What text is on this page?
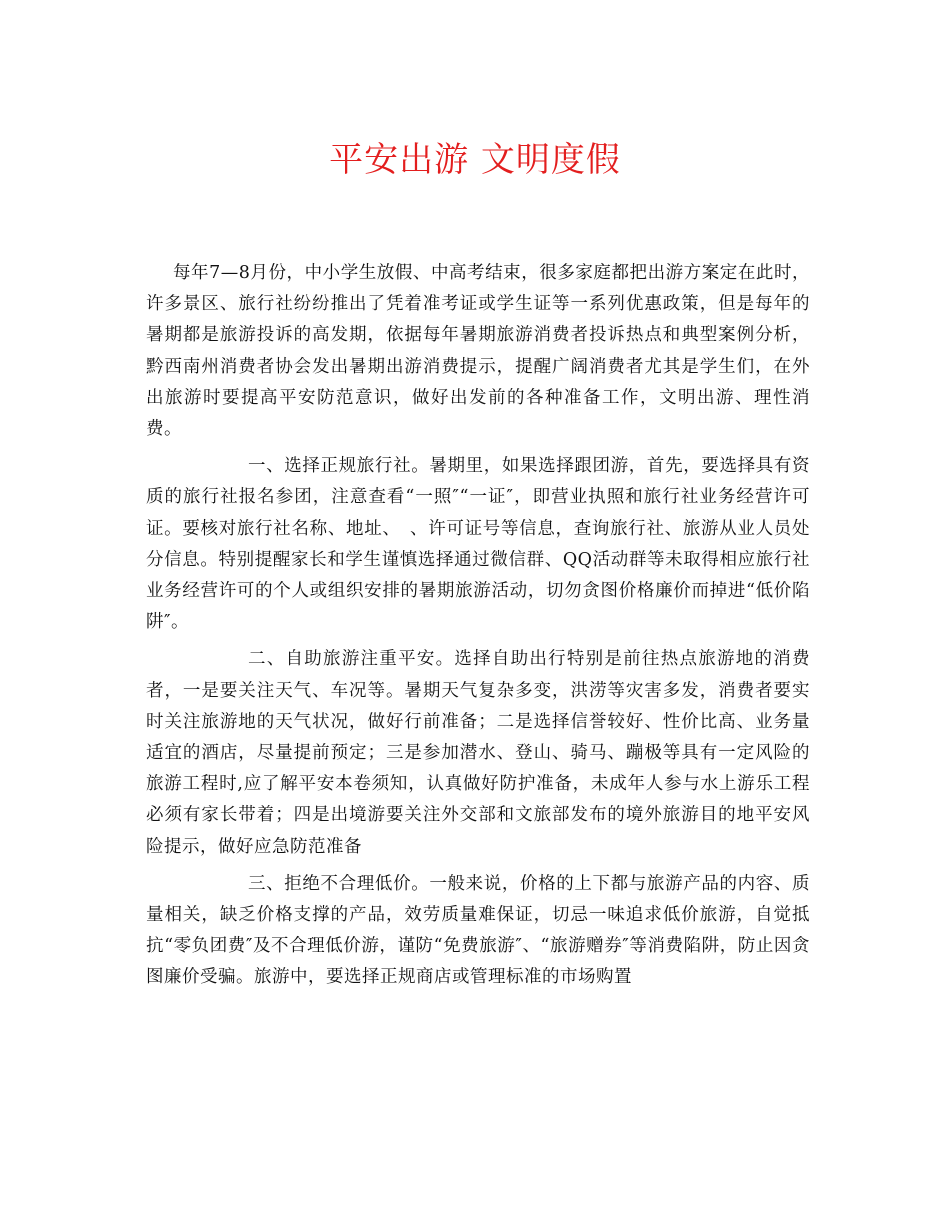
平安出游 文明度假

每年7—8月份，中小学生放假、中高考结束，很多家庭都把出游方案定在此时，许多景区、旅行社纷纷推出了凭着准考证或学生证等一系列优惠政策，但是每年的暑期都是旅游投诉的高发期，依据每年暑期旅游消费者投诉热点和典型案例分析，黔西南州消费者协会发出暑期出游消费提示，提醒广阔消费者尤其是学生们，在外出旅游时要提高平安防范意识，做好出发前的各种准备工作，文明出游、理性消费。

一、选择正规旅行社。暑期里，如果选择跟团游，首先，要选择具有资质的旅行社报名参团，注意查看“一照″“一证″，即营业执照和旅行社业务经营许可证。要核对旅行社名称、地址、　、许可证号等信息，查询旅行社、旅游从业人员处分信息。特别提醒家长和学生谨慎选择通过微信群、QQ活动群等未取得相应旅行社业务经营许可的个人或组织安排的暑期旅游活动，切勿贪图价格廉价而掉进“低价陷阱″。

二、自助旅游注重平安。选择自助出行特别是前往热点旅游地的消费者，一是要关注天气、车况等。暑期天气复杂多变，洪涝等灾害多发，消费者要实时关注旅游地的天气状况，做好行前准备；二是选择信誉较好、性价比高、业务量适宜的酒店，尽量提前预定；三是参加潜水、登山、骑马、蹦极等具有一定风险的旅游工程时,应了解平安本卷须知，认真做好防护准备，未成年人参与水上游乐工程必须有家长带着；四是出境游要关注外交部和文旅部发布的境外旅游目的地平安风险提示，做好应急防范准备

三、拒绝不合理低价。一般来说，价格的上下都与旅游产品的内容、质量相关，缺乏价格支撑的产品，效劳质量难保证，切忌一味追求低价旅游，自觉抵抗“零负团费″及不合理低价游，谨防“免费旅游″、“旅游赠券″等消费陷阱，防止因贪图廉价受骗。旅游中，要选择正规商店或管理标准的市场购置
